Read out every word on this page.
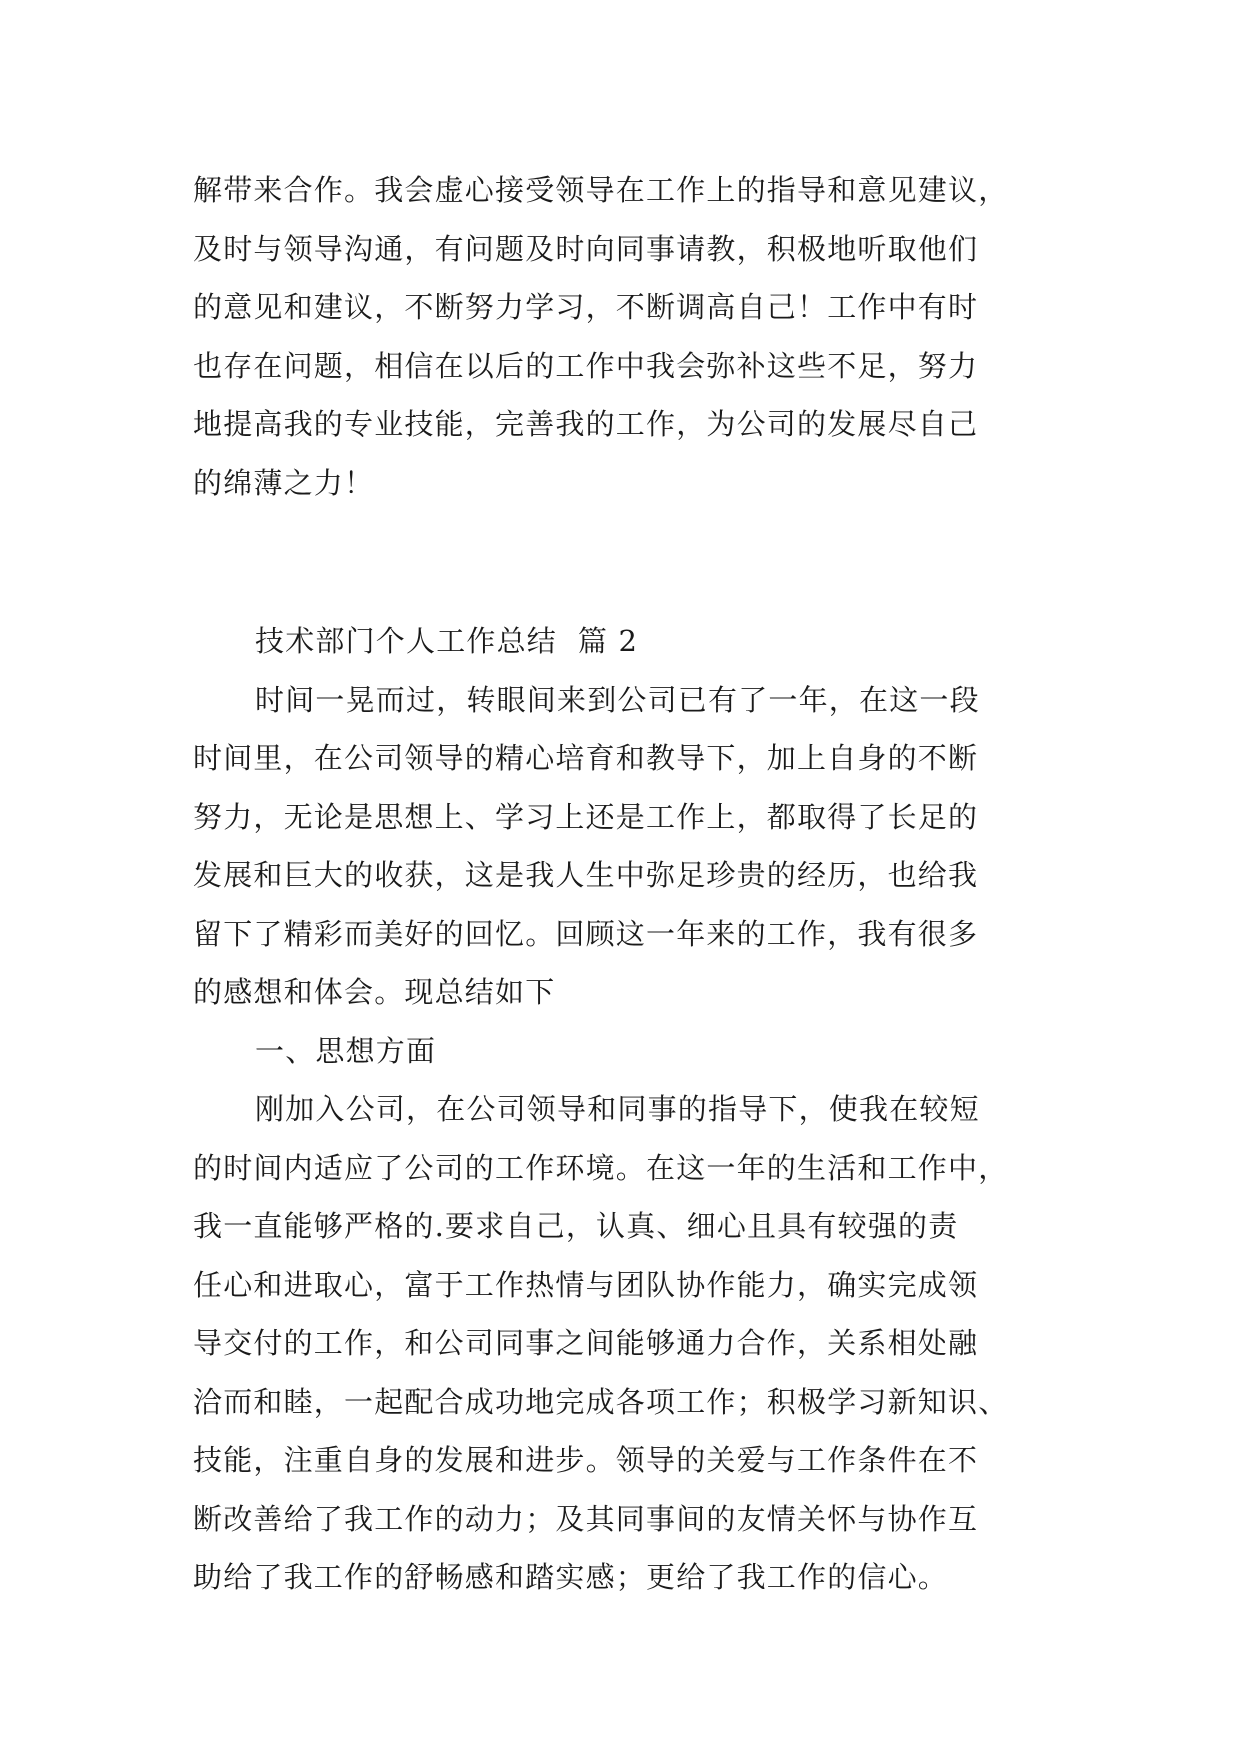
解带来合作。我会虚心接受领导在工作上的指导和意见建议，
及时与领导沟通，有问题及时向同事请教，积极地听取他们
的意见和建议，不断努力学习，不断调高自己！工作中有时
也存在问题，相信在以后的工作中我会弥补这些不足，努力
地提高我的专业技能，完善我的工作，为公司的发展尽自己
的绵薄之力！
技术部门个人工作总结  篇 2
时间一晃而过，转眼间来到公司已有了一年，在这一段
时间里，在公司领导的精心培育和教导下，加上自身的不断
努力，无论是思想上、学习上还是工作上，都取得了长足的
发展和巨大的收获，这是我人生中弥足珍贵的经历，也给我
留下了精彩而美好的回忆。回顾这一年来的工作，我有很多
的感想和体会。现总结如下
一、思想方面
刚加入公司，在公司领导和同事的指导下，使我在较短
的时间内适应了公司的工作环境。在这一年的生活和工作中，
我一直能够严格的.要求自己，认真、细心且具有较强的责
任心和进取心，富于工作热情与团队协作能力，确实完成领
导交付的工作，和公司同事之间能够通力合作，关系相处融
洽而和睦，一起配合成功地完成各项工作；积极学习新知识、
技能，注重自身的发展和进步。领导的关爱与工作条件在不
断改善给了我工作的动力；及其同事间的友情关怀与协作互
助给了我工作的舒畅感和踏实感；更给了我工作的信心。
